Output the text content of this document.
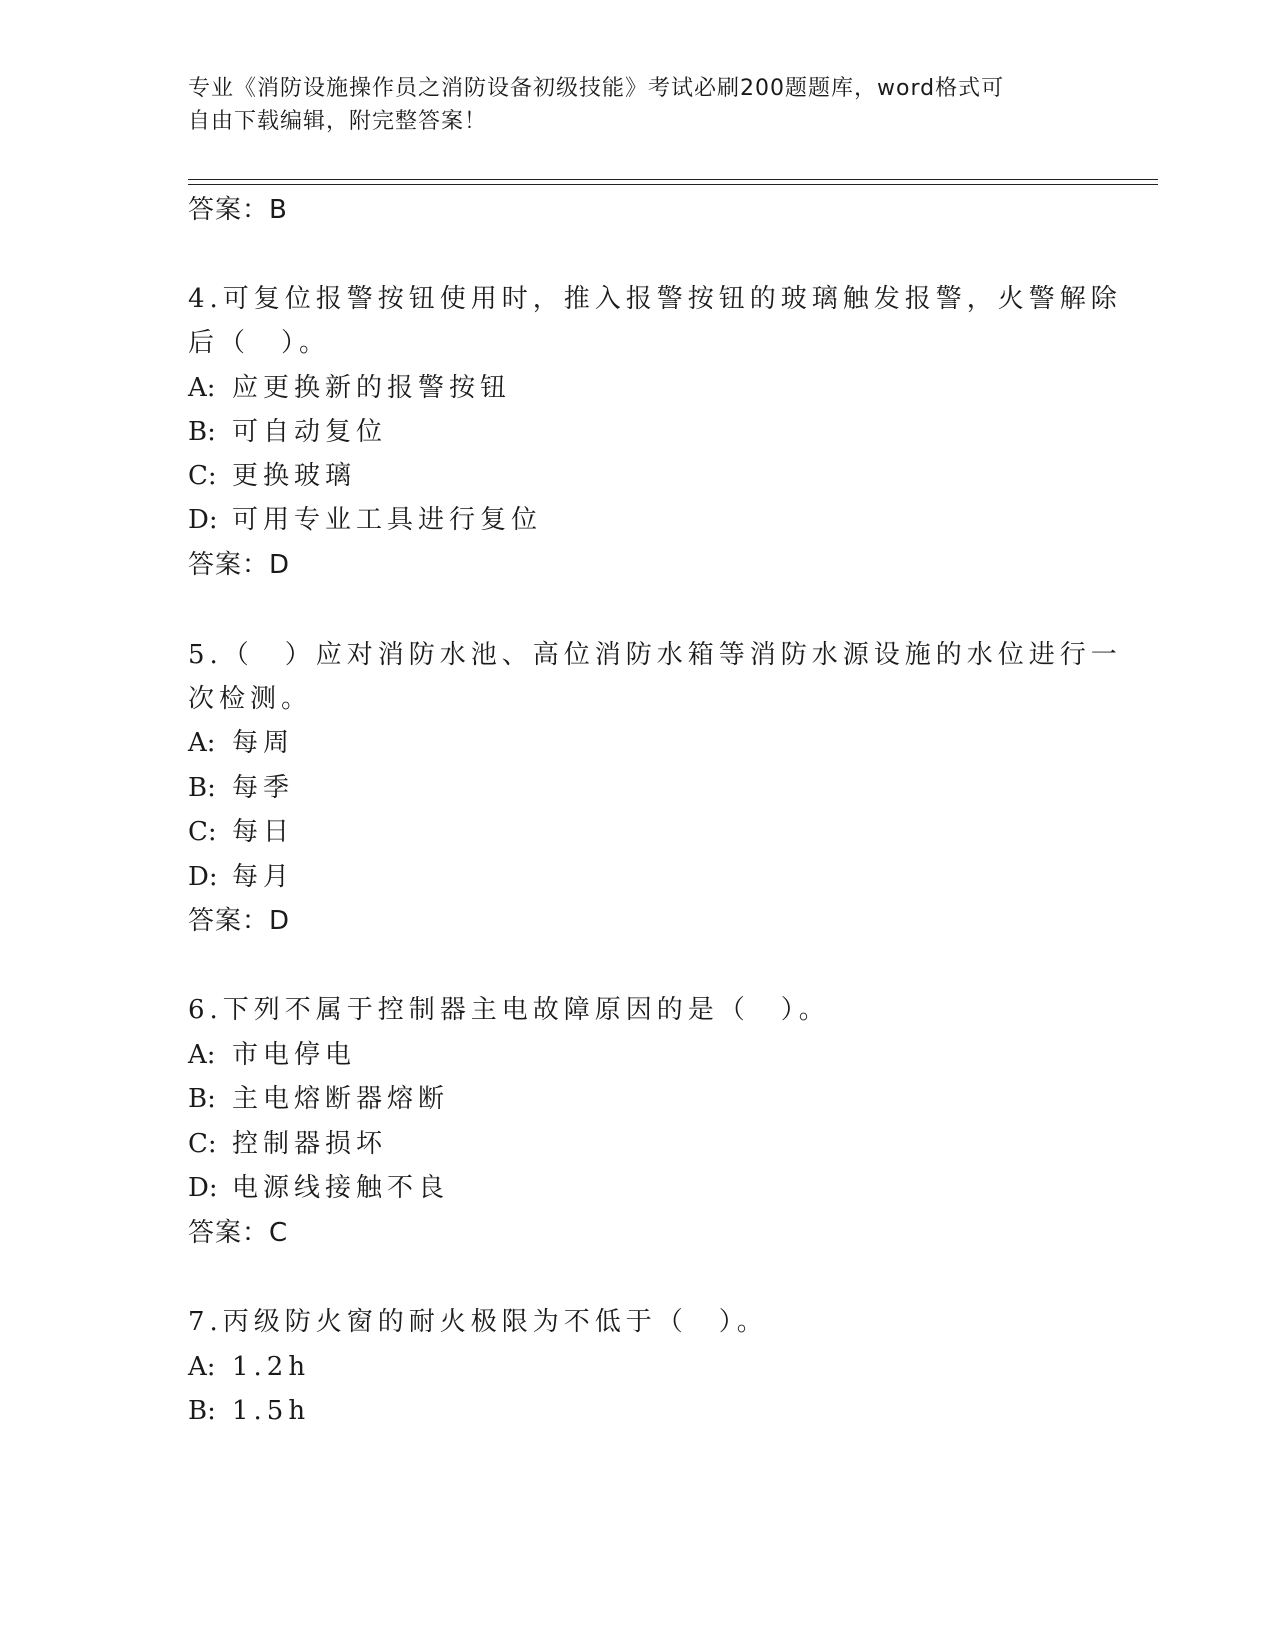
专业《消防设施操作员之消防设备初级技能》考试必刷200题题库，word格式可
自由下载编辑，附完整答案！
答案：B
4.可复位报警按钮使用时，推入报警按钮的玻璃触发报警，火警解除
后（　）。
A: 应更换新的报警按钮
B: 可自动复位
C: 更换玻璃
D: 可用专业工具进行复位
答案：D
5.（　）应对消防水池、高位消防水箱等消防水源设施的水位进行一
次检测。
A: 每周
B: 每季
C: 每日
D: 每月
答案：D
6.下列不属于控制器主电故障原因的是（　）。
A: 市电停电
B: 主电熔断器熔断
C: 控制器损坏
D: 电源线接触不良
答案：C
7.丙级防火窗的耐火极限为不低于（　）。
A: 1.2h
B: 1.5h
